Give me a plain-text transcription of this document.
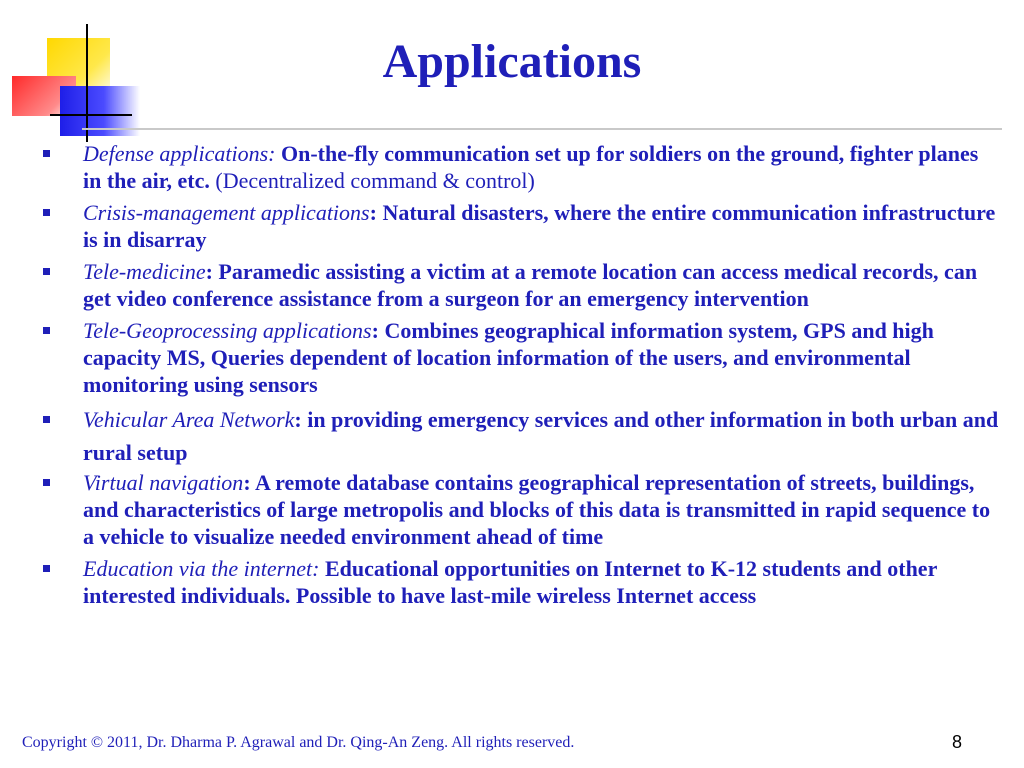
Applications
Defense applications: On-the-fly communication set up for soldiers on the ground, fighter planes in the air, etc. (Decentralized command & control)
Crisis-management applications: Natural disasters, where the entire communication infrastructure is in disarray
Tele-medicine: Paramedic assisting a victim at a remote location can access medical records, can get video conference assistance from a surgeon for an emergency intervention
Tele-Geoprocessing applications: Combines geographical information system, GPS and high capacity MS, Queries dependent of location information of the users, and environmental monitoring using sensors
Vehicular Area Network: in providing emergency services and other information in both urban and rural setup
Virtual navigation: A remote database contains geographical representation of streets, buildings, and characteristics of large metropolis and blocks of this data is transmitted in rapid sequence to a vehicle to visualize needed environment ahead of time
Education via the internet: Educational opportunities on Internet to K-12 students and other interested individuals. Possible to have last-mile wireless Internet access
Copyright © 2011, Dr. Dharma P. Agrawal and Dr. Qing-An Zeng. All rights reserved.	8
